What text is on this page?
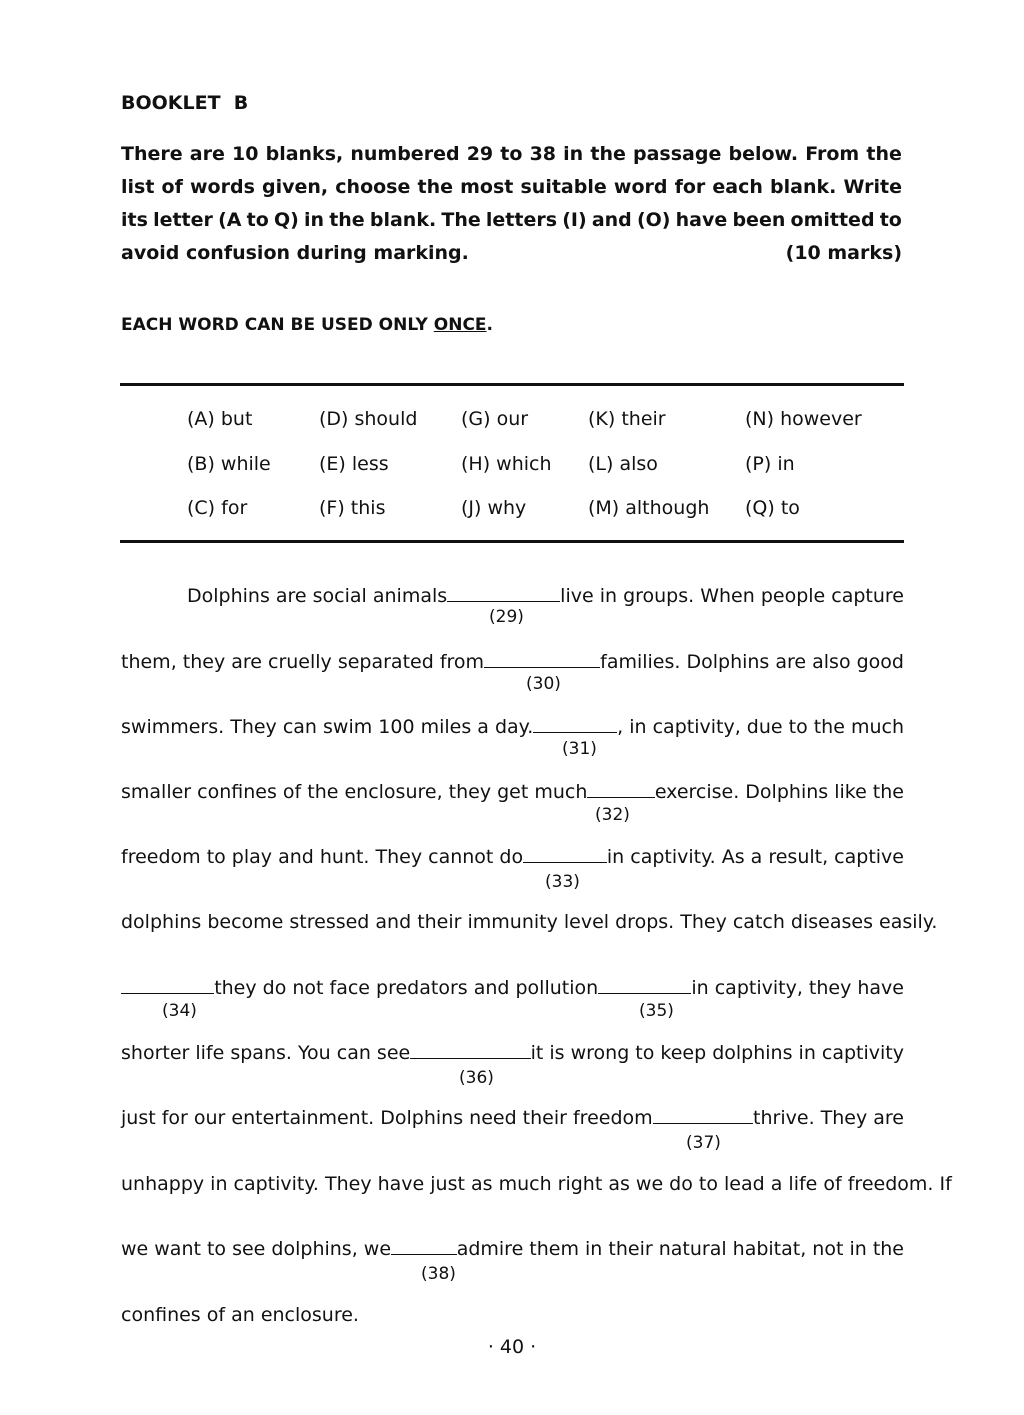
BOOKLET  B
There are 10 blanks, numbered 29 to 38 in the passage below. From the
list of words given, choose the most suitable word for each blank. Write
its letter (A to Q) in the blank. The letters (I) and (O) have been omitted to
avoid confusion during marking.	(10 marks)
EACH WORD CAN BE USED ONLY ONCE.
(A) but	(D) should (G) our	(K) their	(N) however
(B) while	(E) less	(H) which (L) also	(P) in
(C) for	(F) this	(J) why	(M) although (Q) to
Dolphins are social animals	live in groups. When people capture
(29)
them, they are cruelly separated from	families. Dolphins are also good
(30)
swimmers. They can swim 100 miles a day.	, in captivity, due to the much
(31)
smaller confines of the enclosure, they get much	exercise. Dolphins like the
(32)
freedom to play and hunt. They cannot do	in captivity. As a result, captive
(33)
dolphins become stressed and their immunity level drops. They catch diseases easily.
they do not face predators and pollution	in captivity, they have
(34)	(35)
shorter life spans. You can see	it is wrong to keep dolphins in captivity
(36)
just for our entertainment. Dolphins need their freedom	thrive. They are
(37)
unhappy in captivity. They have just as much right as we do to lead a life of freedom. If
we want to see dolphins, we	admire them in their natural habitat, not in the
(38)
confines of an enclosure.
· 40 ·
